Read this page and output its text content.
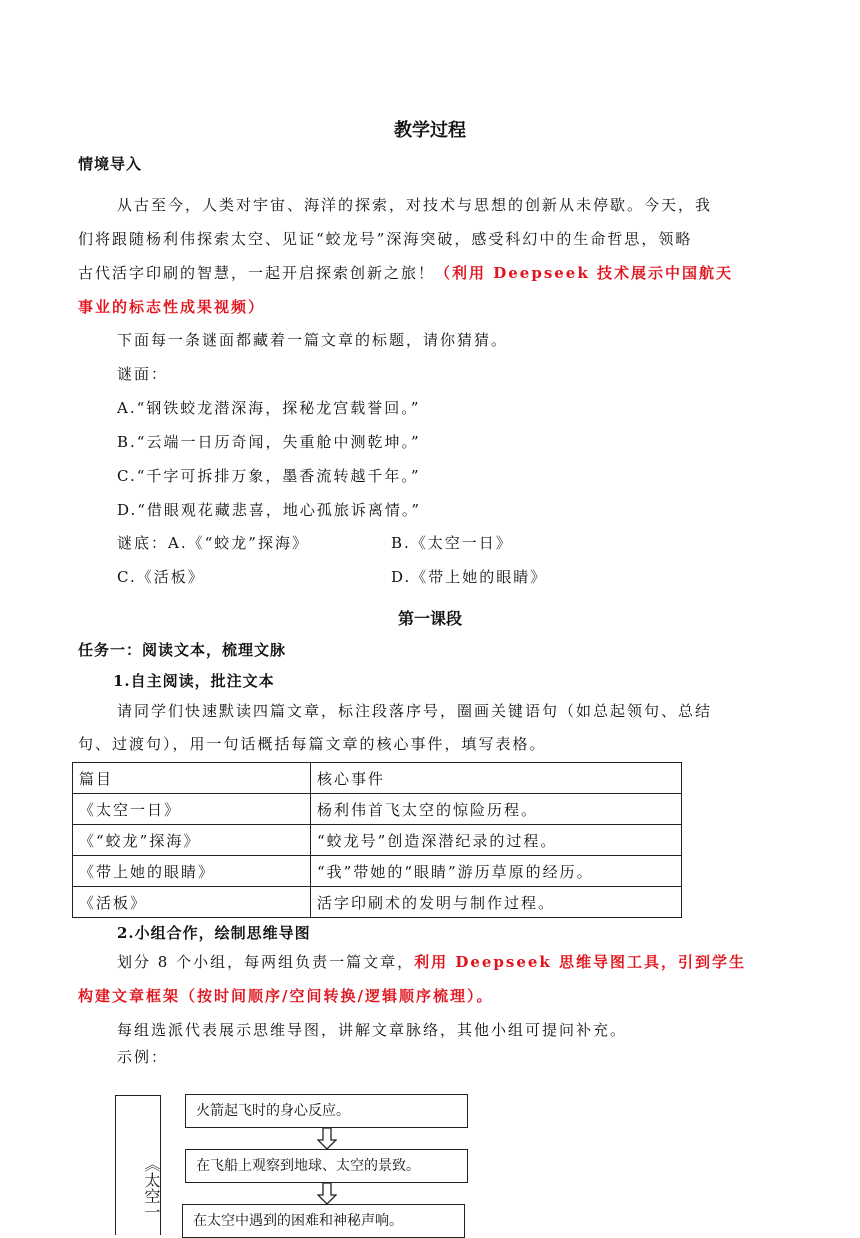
教学过程
情境导入
从古至今，人类对宇宙、海洋的探索，对技术与思想的创新从未停歇。今天，我
们将跟随杨利伟探索太空、见证“蛟龙号”深海突破，感受科幻中的生命哲思，领略
古代活字印刷的智慧，一起开启探索创新之旅！（利用 Deepseek 技术展示中国航天
事业的标志性成果视频）
下面每一条谜面都藏着一篇文章的标题，请你猜猜。
谜面：
A.“钢铁蛟龙潜深海，探秘龙宫载誉回。”
B.“云端一日历奇闻，失重舱中测乾坤。”
C.“千字可拆排万象，墨香流转越千年。”
D.“借眼观花藏悲喜，地心孤旅诉离情。”
谜底：A.《“蛟龙”探海》	B.《太空一日》
C.《活板》	D.《带上她的眼睛》
第一课段
任务一：阅读文本，梳理文脉
1.自主阅读，批注文本
请同学们快速默读四篇文章，标注段落序号，圈画关键语句（如总起领句、总结
句、过渡句），用一句话概括每篇文章的核心事件，填写表格。
篇目	核心事件
《太空一日》	杨利伟首飞太空的惊险历程。
《“蛟龙”探海》	“蛟龙号”创造深潜纪录的过程。
《带上她的眼睛》	“我”带她的“眼睛”游历草原的经历。
《活板》	活字印刷术的发明与制作过程。
2.小组合作，绘制思维导图
划分 8 个小组，每两组负责一篇文章，利用 Deepseek 思维导图工具，引到学生
构建文章框架（按时间顺序/空间转换/逻辑顺序梳理）。
每组选派代表展示思维导图，讲解文章脉络，其他小组可提问补充。
示例：
《太空一
火箭起飞时的身心反应。
在飞船上观察到地球、太空的景致。
在太空中遇到的困难和神秘声响。
